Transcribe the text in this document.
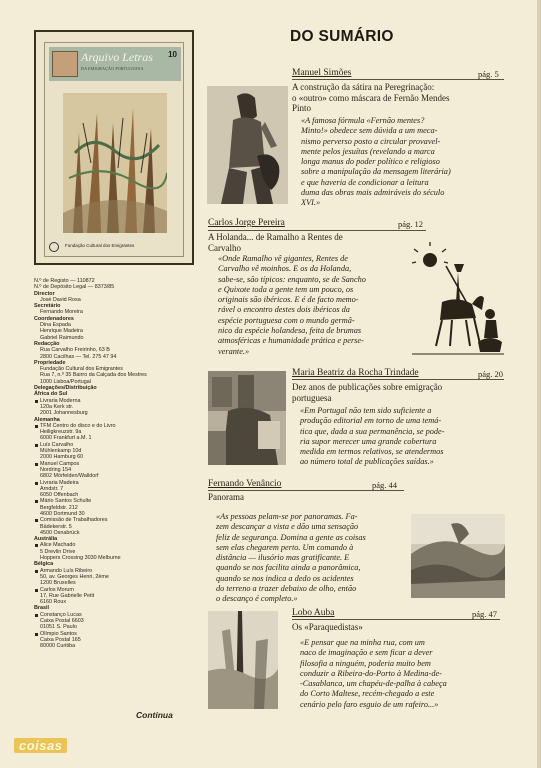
Arquivo Letras
DA EMIGRAÇÃO PORTUGUESA
10
Fundação Cultural dos Emigrantes
N.º de Registo — 110872
N.º de Depósito Legal — 8373/85
Director
José David Rosa
Secretário
Fernando Moreira
Coordenadores
Dina Espada
Henrique Madeira
Gabriel Raimundo
Redacção
Rua Carvalho Freirinho, 63 B
2800 Cacilhas — Tel. 275 47 94
Propriedade
Fundação Cultural dos Emigrantes
Rua 7, n.º 35 Bairro da Calçada dos Mestres
1000 Lisboa/Portugal
Delegações/Distribuição
África do Sul
Livraria Moderna
120a Kerk str.
2001 Johannesburg
Alemanha
TFM Centro do disco e do Livro
Heiligkreuzstr. 9a
6000 Frankfurt a.M. 1
Luís Carvalho
Mühlenkamp 10d
2000 Hamburg 60
Manuel Campos
Nordring 154
6802 Mörfelden/Walldorf
Livraria Madeira
Arndstr. 7
6050 Offenbach
Mário Santos Schulte
Bergfeldstr. 212
4600 Dortmund 30
Comissão de Trabalhadores
Bädekerstr. 5
4500 Osnabrück
Austrália
Alice Machado
5 Drevlin Drive
Hoppers Crossing 3030 Melburne
Bélgica
Armando Luís Ribeiro
50, av. Georges Henri, 2ème
1200 Bruxelles
Carlos Morum
17, Rue Gabrielle Petit
6160 Roux
Brasil
Constanço Lucas
Caixa Postal 6603
01051 S. Paulo
Olímpio Santos
Caixa Postal 165
80000 Curitiba
Continua
coisas
DO SUMÁRIO
Manuel Simões	pág. 5
A construção da sátira na Peregrinação:
o «outro» como máscara de Fernão Mendes
Pinto
«A famosa fórmula «Fernão mentes?
Minto!» obedece sem dúvida a um meca-
nismo perverso posto a circular provavel-
mente pelos jesuítas (revelando a marca
longa manus do poder político e religioso
sobre a manipulação da mensagem literária)
e que haveria de condicionar a leitura
duma das obras mais admiráveis do século
XVI.»
Carlos Jorge Pereira	pág. 12
A Holanda... de Ramalho a Rentes de
Carvalho
«Onde Ramalho vê gigantes, Rentes de
Carvalho vê moinhos. E os da Holanda,
sabe-se, são típicos: enquanto, se de Sancho
e Quixote toda a gente tem um pouco, os
originais são ibéricos. E é de facto memo-
rável o encontro destes dois ibéricos da
espécie portuguesa com o mundo germâ-
nico da espécie holandesa, feita de brumas
atmosféricas e humanidade prática e perse-
verante.»
Maria Beatriz da Rocha Trindade	pág. 20
Dez anos de publicações sobre emigração
portuguesa
«Em Portugal não tem sido suficiente a
produção editorial em torno de uma temá-
tica que, dada a sua permanência, se pode-
ria supor merecer uma grande cobertura
medida em termos relativos, se atendermos
ao número total de publicações saídas.»
Fernando Venâncio	pág. 44
Panorama
«As pessoas pelam-se por panoramas. Fa-
zem descançar a vista e dão uma sensação
feliz de segurança. Domina a gente as coisas
sem elas chegarem perto. Um comando à
distância — ilusório mas gratificante. E
quando se nos facilita ainda a panorâmica,
quando se nos indica a dedo os acidentes
do terreno a trazer debaixo de olho, então
o descanço é completo.»
Lobo Auba	pág. 47
Os «Paraquedistas»
«E pensar que na minha rua, com um
naco de imaginação e sem ficar a dever
filosofia a ninguém, poderia muito bem
conduzir a Ribeira-do-Porto à Medina-de-
-Casablanca, um chapéu-de-palha à cabeça
do Corto Maltese, recém-chegado a este
cenário pelo faro esguio de um rafeiro...»
